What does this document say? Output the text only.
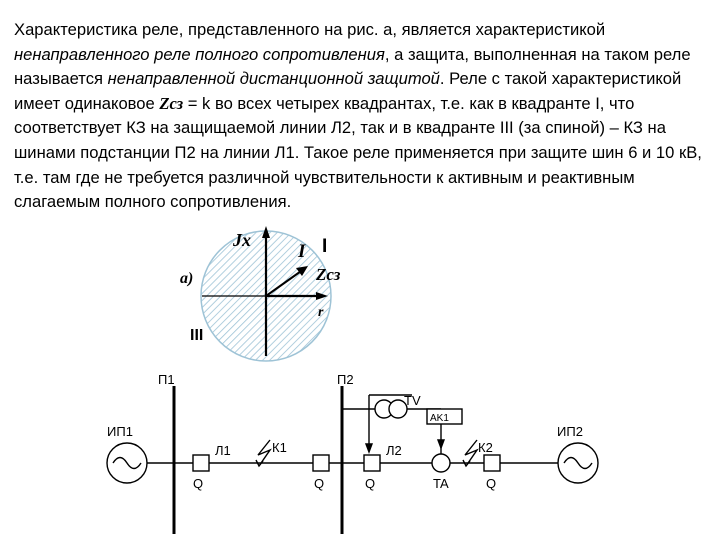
Характеристика реле, представленного на рис. а, является характеристикой ненаправленного реле полного сопротивления, а защита, выполненная на таком реле называется ненаправленной дистанционной защитой. Реле с такой характеристикой имеет одинаковое Zсз = k во всех четырех квадрантах, т.е. как в квадранте I, что соответствует КЗ на защищаемой линии Л2, так и в квадранте III (за спиной) – КЗ на шинами подстанции П2 на линии Л1. Такое реле применяется при защите шин 6 и 10 кВ, т.е. там где не требуется различной чувствительности к активным и реактивным слагаемым полного сопротивления.

Jx
r
а)
I I
Zсз
III
П1	П2
ИП1	ИП2
Л1	Л2
К1	К2
Q	Q	Q	Q
TA
TV
AK1
